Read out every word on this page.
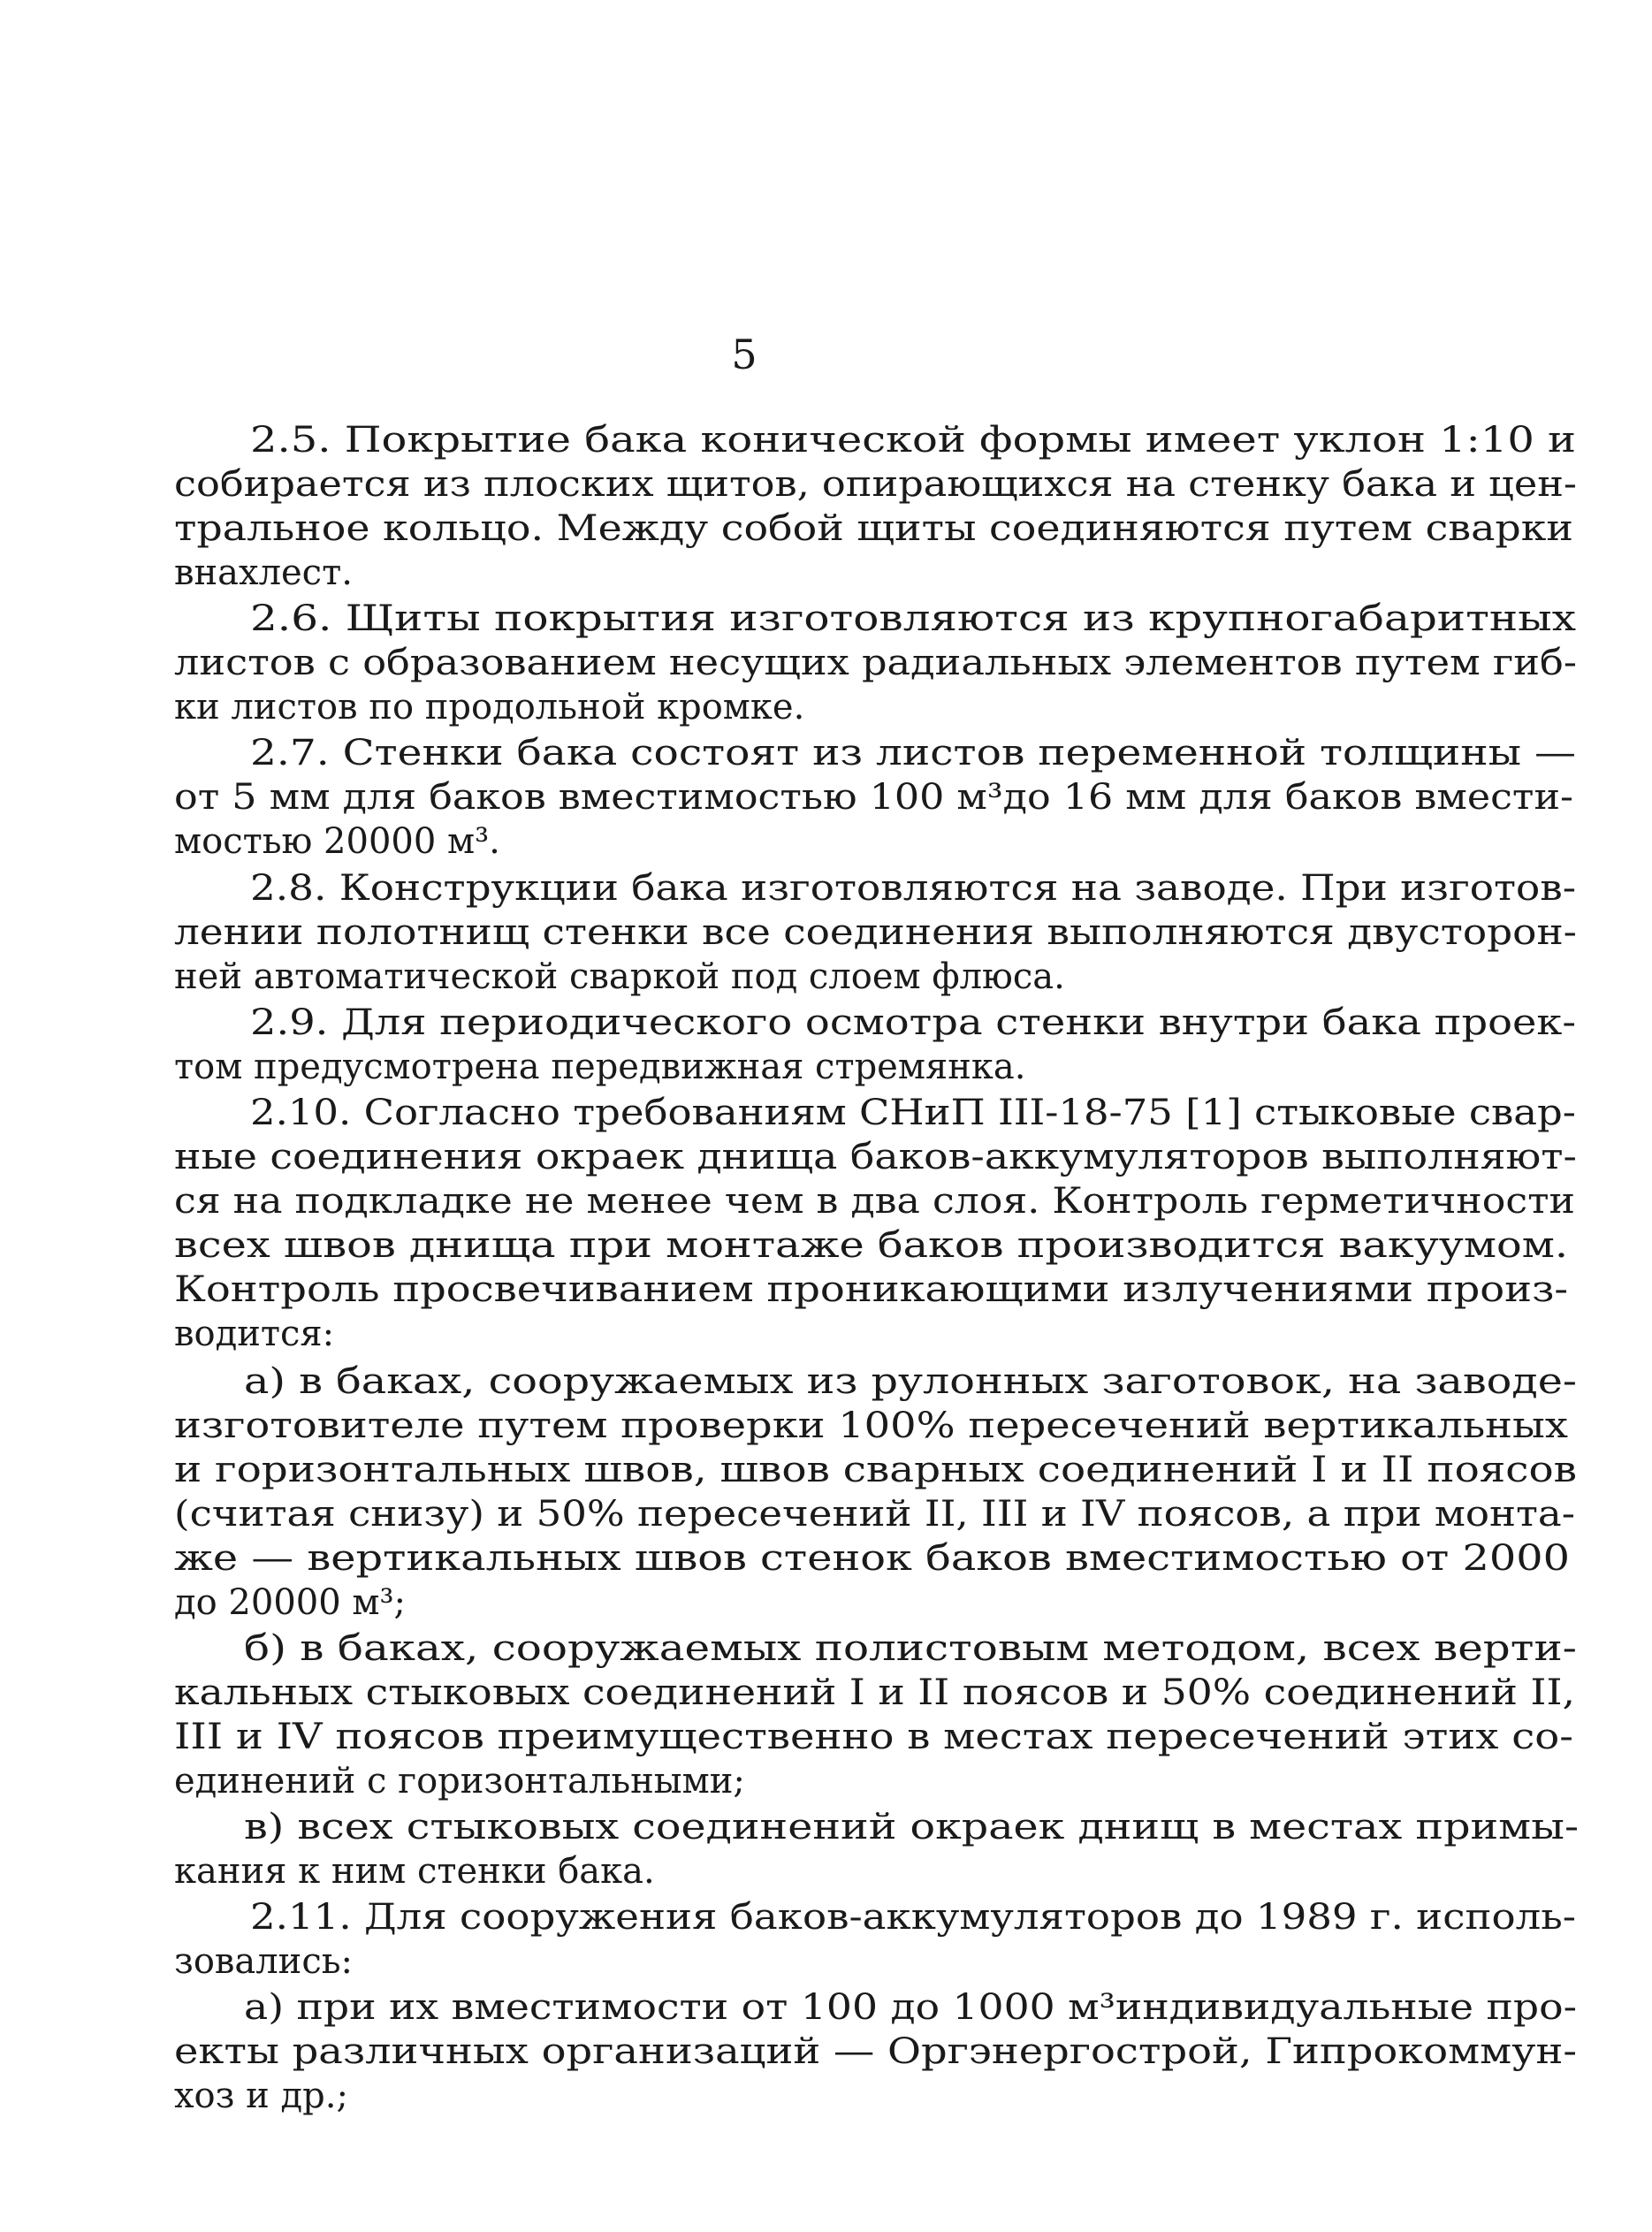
5
2.5. Покрытие бака конической формы имеет уклон 1:10 и
собирается из плоских щитов, опирающихся на стенку бака и цен-
тральное кольцо. Между собой щиты соединяются путем сварки
внахлест.
2.6. Щиты покрытия изготовляются из крупногабаритных
листов с образованием несущих радиальных элементов путем гиб-
ки листов по продольной кромке.
2.7. Стенки бака состоят из листов переменной толщины —
от 5 мм для баков вместимостью 100 м³до 16 мм для баков вмести-
мостью 20000 м³.
2.8. Конструкции бака изготовляются на заводе. При изготов-
лении полотнищ стенки все соединения выполняются двусторон-
ней автоматической сваркой под слоем флюса.
2.9. Для периодического осмотра стенки внутри бака проек-
том предусмотрена передвижная стремянка.
2.10. Согласно требованиям СНиП III-18-75 [1] стыковые свар-
ные соединения окраек днища баков-аккумуляторов выполняют-
ся на подкладке не менее чем в два слоя. Контроль герметичности
всех швов днища при монтаже баков производится вакуумом.
Контроль просвечиванием проникающими излучениями произ-
водится:
а) в баках, сооружаемых из рулонных заготовок, на заводе-
изготовителе путем проверки 100% пересечений вертикальных
и горизонтальных швов, швов сварных соединений I и II поясов
(считая снизу) и 50% пересечений II, III и IV поясов, а при монта-
же — вертикальных швов стенок баков вместимостью от 2000
до 20000 м³;
б) в баках, сооружаемых полистовым методом, всех верти-
кальных стыковых соединений I и II поясов и 50% соединений II,
III и IV поясов преимущественно в местах пересечений этих со-
единений с горизонтальными;
в) всех стыковых соединений окраек днищ в местах примы-
кания к ним стенки бака.
2.11. Для сооружения баков-аккумуляторов до 1989 г. исполь-
зовались:
а) при их вместимости от 100 до 1000 м³индивидуальные про-
екты различных организаций — Оргэнергострой, Гипрокоммун-
хоз и др.;
